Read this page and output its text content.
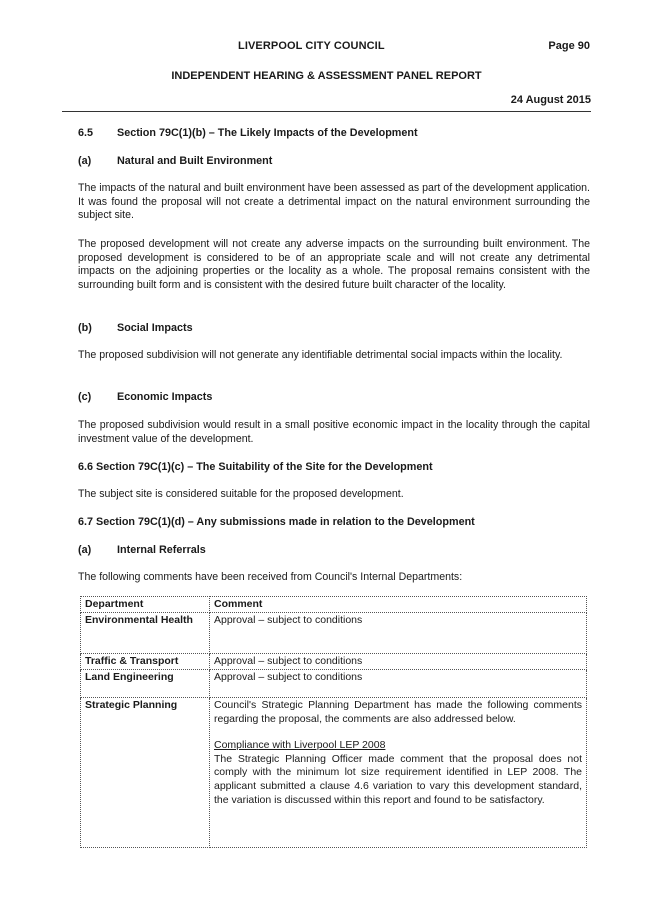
LIVERPOOL CITY COUNCIL	Page 90
INDEPENDENT HEARING & ASSESSMENT PANEL REPORT
24 August 2015
6.5 Section 79C(1)(b) – The Likely Impacts of the Development
(a) Natural and Built Environment
The impacts of the natural and built environment have been assessed as part of the development application. It was found the proposal will not create a detrimental impact on the natural environment surrounding the subject site.
The proposed development will not create any adverse impacts on the surrounding built environment. The proposed development is considered to be of an appropriate scale and will not create any detrimental impacts on the adjoining properties or the locality as a whole. The proposal remains consistent with the surrounding built form and is consistent with the desired future built character of the locality.
(b) Social Impacts
The proposed subdivision will not generate any identifiable detrimental social impacts within the locality.
(c) Economic Impacts
The proposed subdivision would result in a small positive economic impact in the locality through the capital investment value of the development.
6.6 Section 79C(1)(c) – The Suitability of the Site for the Development
The subject site is considered suitable for the proposed development.
6.7 Section 79C(1)(d) – Any submissions made in relation to the Development
(a) Internal Referrals
The following comments have been received from Council's Internal Departments:
Department	Comment
Environmental Health	Approval – subject to conditions
Traffic & Transport	Approval – subject to conditions
Land Engineering	Approval – subject to conditions
Strategic Planning	Council's Strategic Planning Department has made the following comments regarding the proposal, the comments are also addressed below.
Compliance with Liverpool LEP 2008
The Strategic Planning Officer made comment that the proposal does not comply with the minimum lot size requirement identified in LEP 2008. The applicant submitted a clause 4.6 variation to vary this development standard, the variation is discussed within this report and found to be satisfactory.
